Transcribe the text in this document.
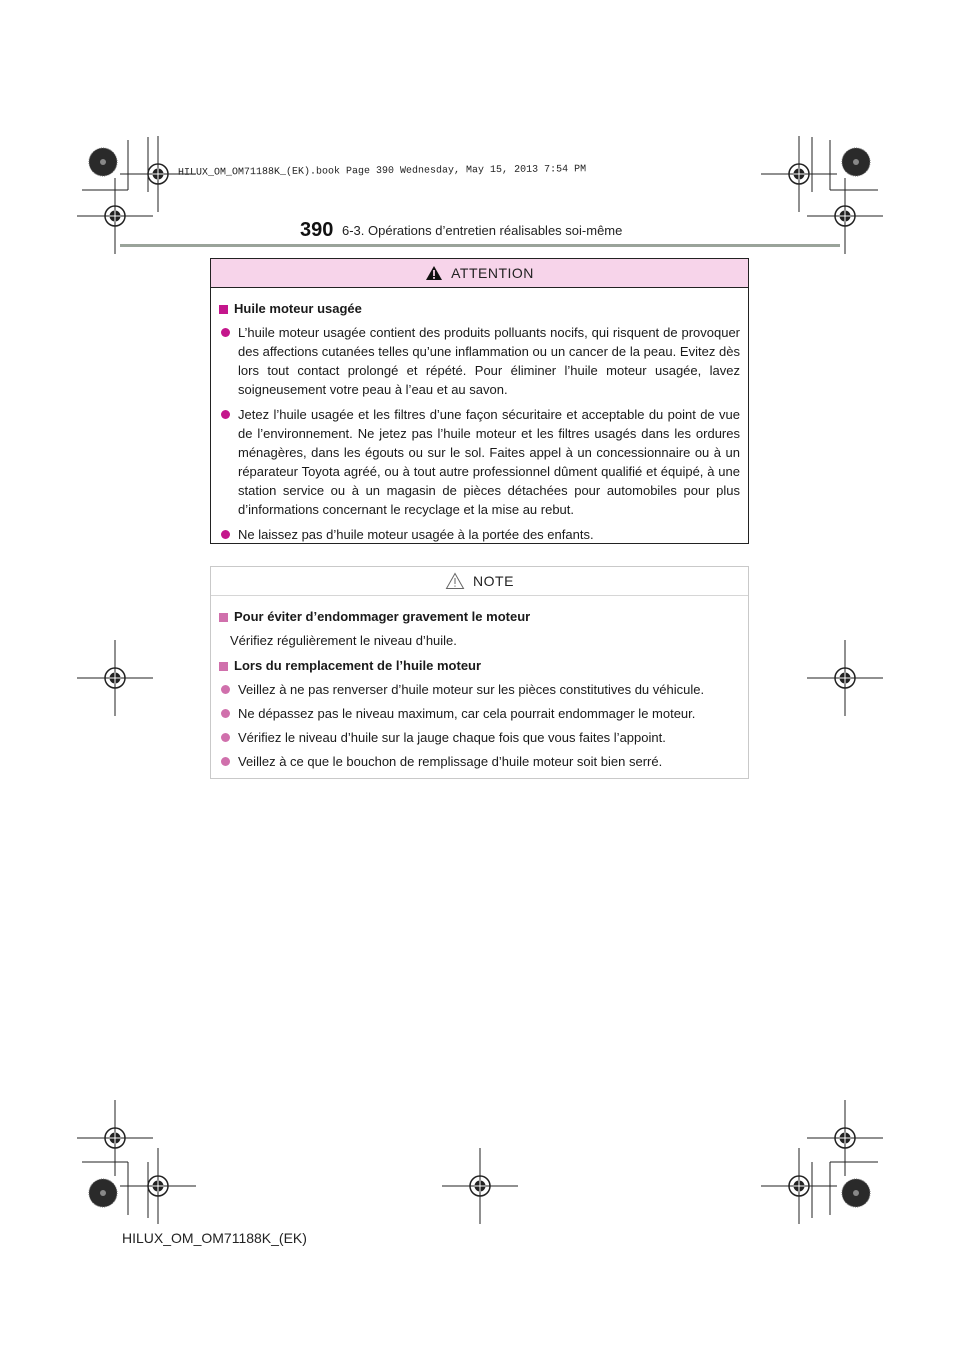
HILUX_OM_OM71188K_(EK).book Page 390 Wednesday, May 15, 2013 7:54 PM
390 6-3. Opérations d’entretien réalisables soi-même
ATTENTION
Huile moteur usagée
L’huile moteur usagée contient des produits polluants nocifs, qui risquent de provoquer des affections cutanées telles qu’une inflammation ou un cancer de la peau. Evitez dès lors tout contact prolongé et répété. Pour éliminer l’huile moteur usagée, lavez soigneusement votre peau à l’eau et au savon.
Jetez l’huile usagée et les filtres d’une façon sécuritaire et acceptable du point de vue de l’environnement. Ne jetez pas l’huile moteur et les filtres usagés dans les ordures ménagères, dans les égouts ou sur le sol. Faites appel à un concessionnaire ou à un réparateur Toyota agréé, ou à tout autre professionnel dûment qualifié et équipé, à une station service ou à un magasin de pièces détachées pour automobiles pour plus d’informations concernant le recyclage et la mise au rebut.
Ne laissez pas d’huile moteur usagée à la portée des enfants.
NOTE
Pour éviter d’endommager gravement le moteur
Vérifiez régulièrement le niveau d’huile.
Lors du remplacement de l’huile moteur
Veillez à ne pas renverser d’huile moteur sur les pièces constitutives du véhicule.
Ne dépassez pas le niveau maximum, car cela pourrait endommager le moteur.
Vérifiez le niveau d’huile sur la jauge chaque fois que vous faites l’appoint.
Veillez à ce que le bouchon de remplissage d’huile moteur soit bien serré.
HILUX_OM_OM71188K_(EK)
